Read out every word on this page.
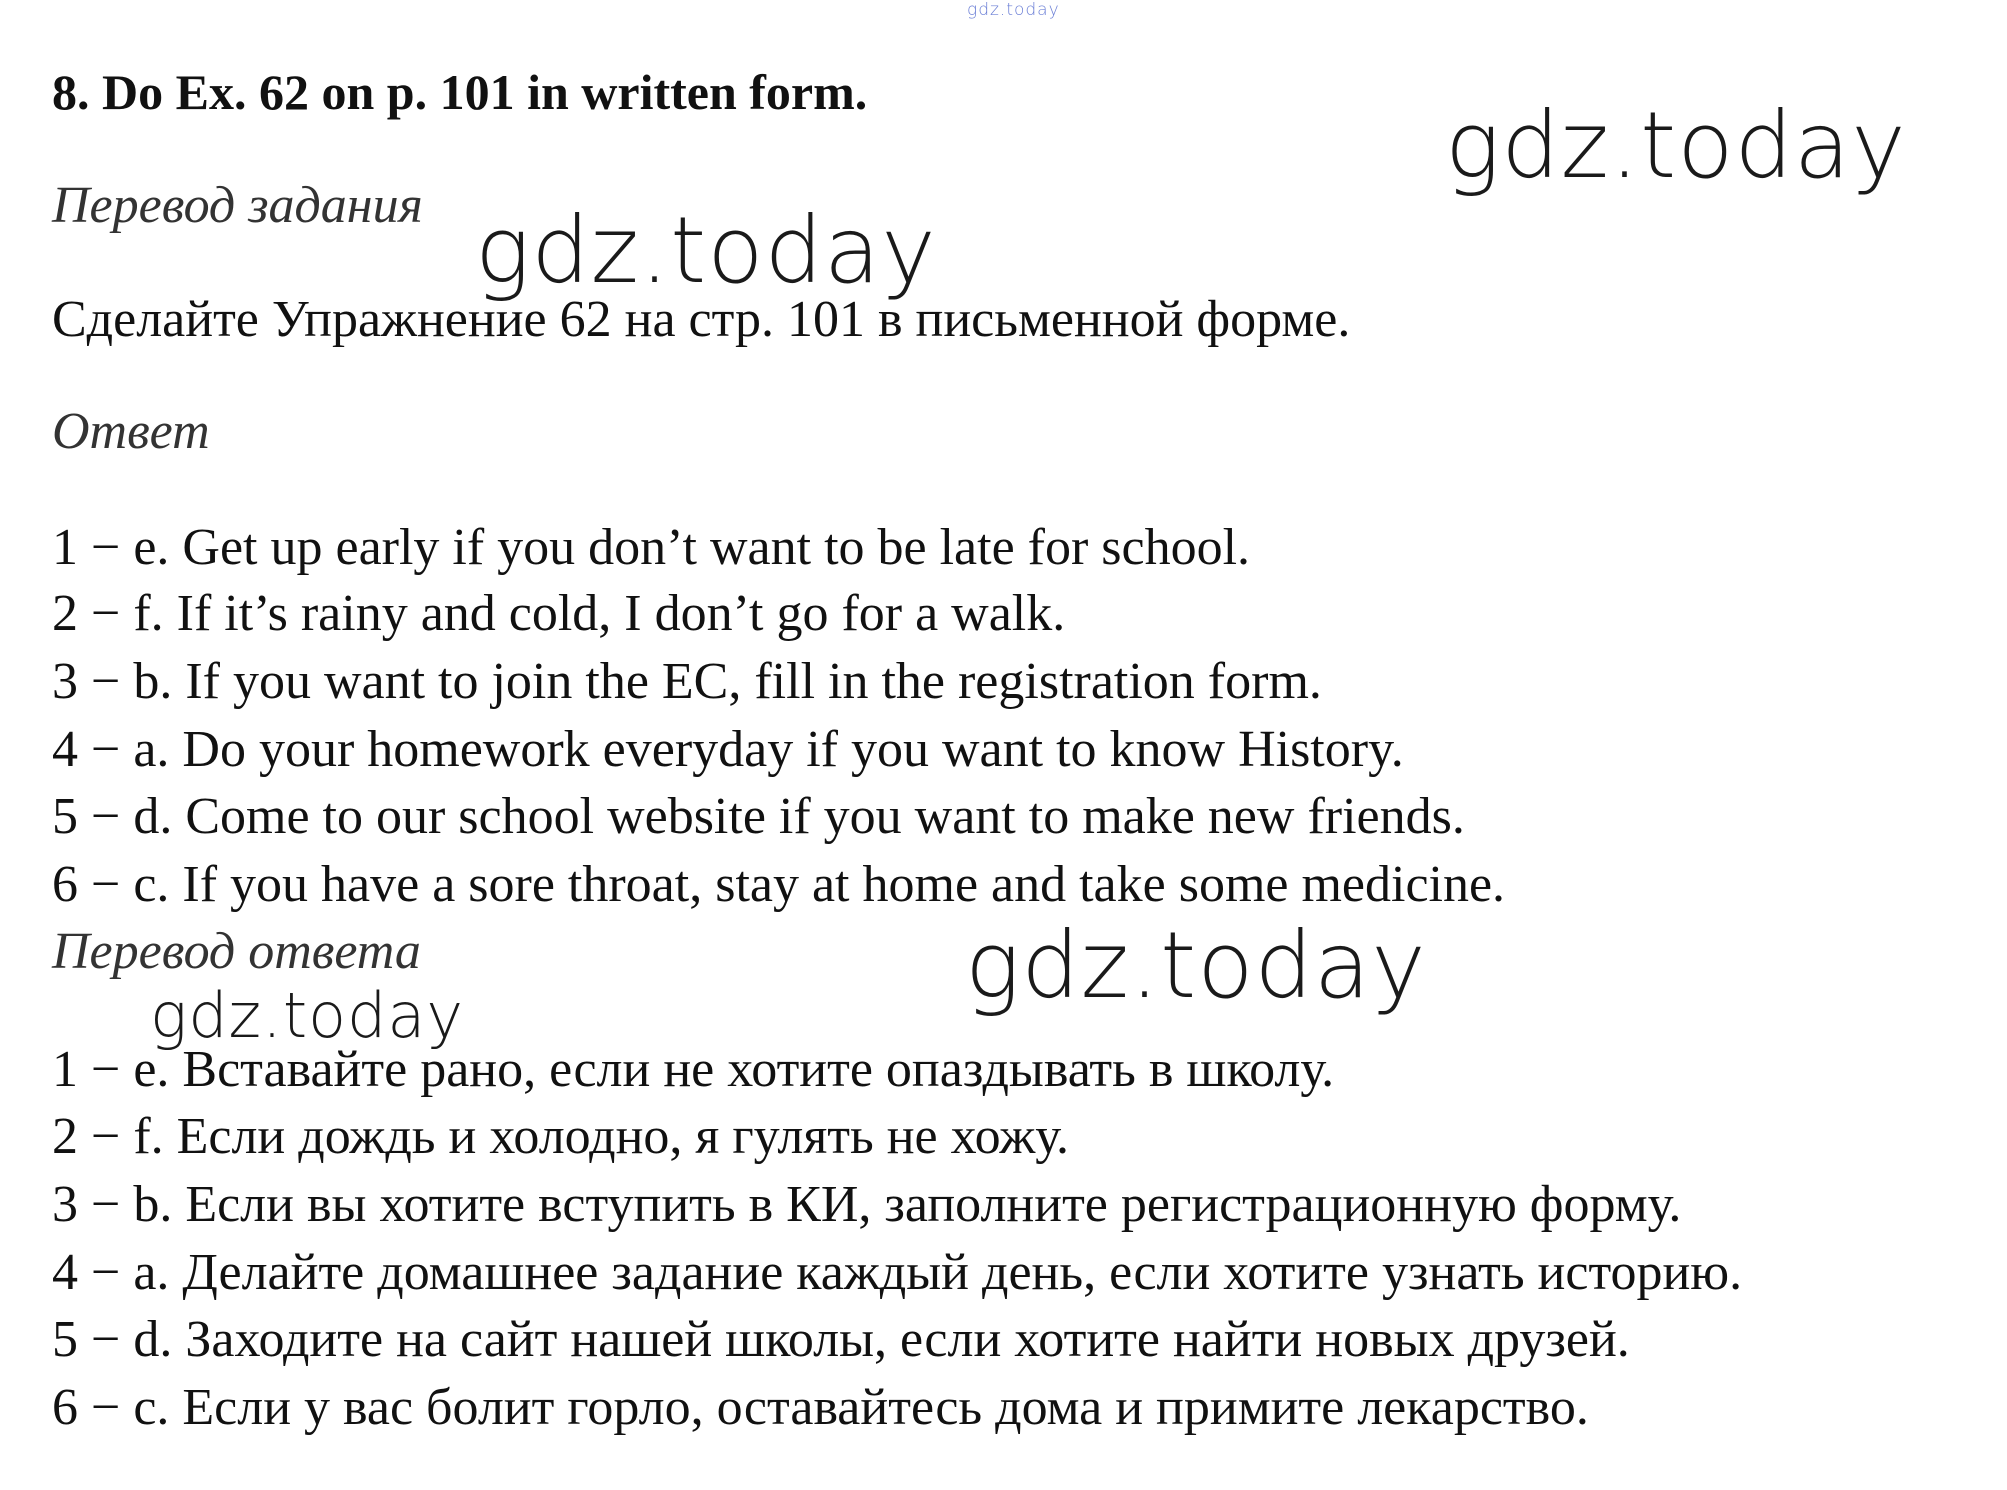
gdz.today
8. Do Ex. 62 on p. 101 in written form.	gdz.today
Перевод задания gdz.today
Сделайте Упражнение 62 на стр. 101 в письменной форме.
Ответ
1 − e. Get up early if you don’t want to be late for school.
2 − f. If it’s rainy and cold, I don’t go for a walk.
3 − b. If you want to join the EC, fill in the registration form.
4 − a. Do your homework everyday if you want to know History.
5 − d. Come to our school website if you want to make new friends.
6 − c. If you have a sore throat, stay at home and take some medicine.
Перевод ответа	gdz.today
gdz.today
1 − e. Вставайте рано, если не хотите опаздывать в школу.
2 − f. Если дождь и холодно, я гулять не хожу.
3 − b. Если вы хотите вступить в КИ, заполните регистрационную форму.
4 − a. Делайте домашнее задание каждый день, если хотите узнать историю.
5 − d. Заходите на сайт нашей школы, если хотите найти новых друзей.
6 − c. Если у вас болит горло, оставайтесь дома и примите лекарство.
